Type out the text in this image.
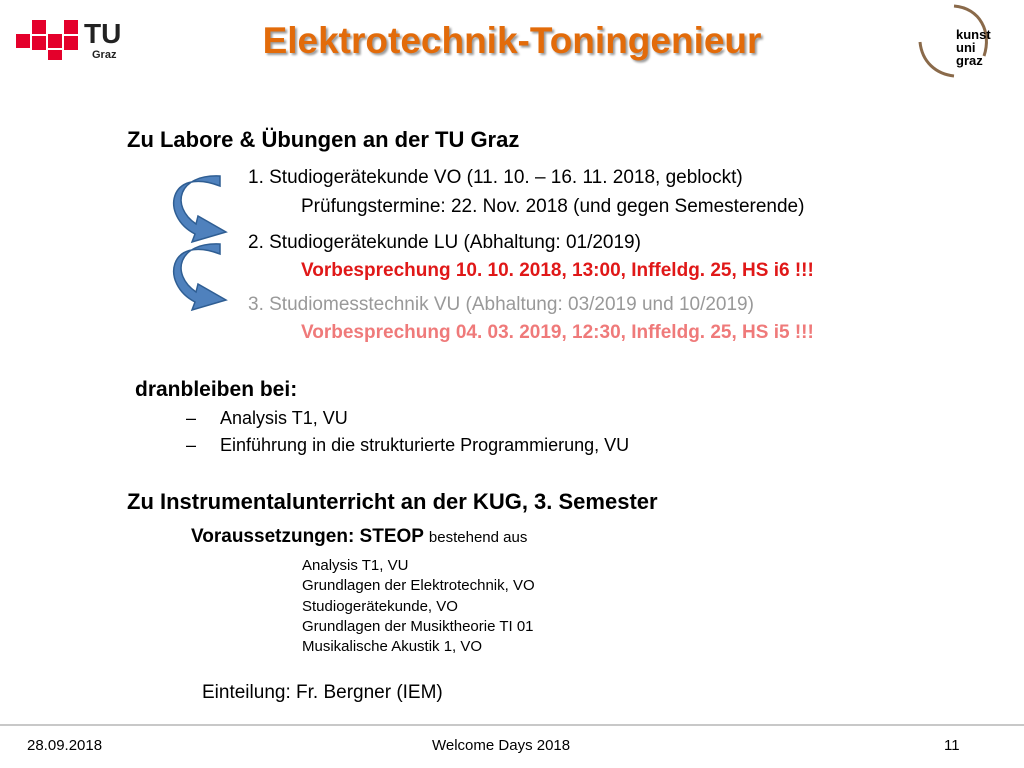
TU
Graz	Elektrotechnik-Toningenieur	kunst
uni
graz
Zu Labore & Übungen an der TU Graz
1. Studiogerätekunde VO (11. 10. – 16. 11. 2018, geblockt)
Prüfungstermine: 22. Nov. 2018 (und gegen Semesterende)
2. Studiogerätekunde LU (Abhaltung: 01/2019)
Vorbesprechung 10. 10. 2018, 13:00, Inffeldg. 25, HS i6 !!!
3. Studiomesstechnik VU (Abhaltung: 03/2019 und 10/2019)
Vorbesprechung 04. 03. 2019, 12:30, Inffeldg. 25, HS i5 !!!
dranbleiben bei:
– Analysis T1, VU
– Einführung in die strukturierte Programmierung, VU
Zu Instrumentalunterricht an der KUG, 3. Semester
Voraussetzungen: STEOP bestehend aus
Analysis T1, VU
Grundlagen der Elektrotechnik, VO
Studiogerätekunde, VO
Grundlagen der Musiktheorie TI 01
Musikalische Akustik 1, VO
Einteilung: Fr. Bergner (IEM)
28.09.2018	Welcome Days 2018	11
